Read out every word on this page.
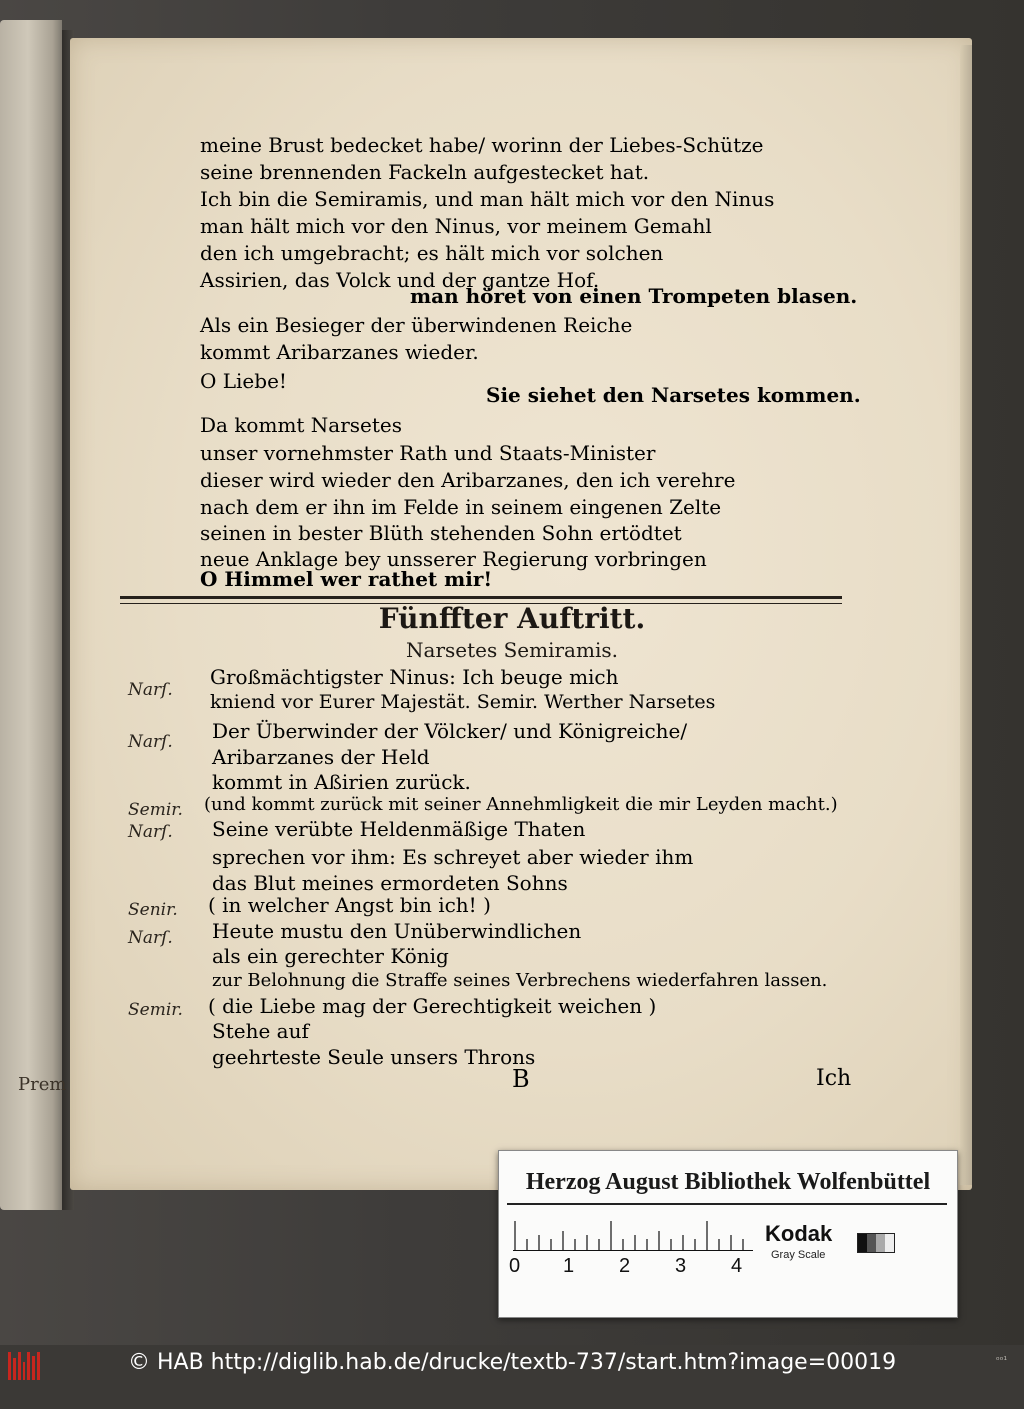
Prem
meine Brust bedecket habe/ worinn der Liebes-Schütze
seine brennenden Fackeln aufgestecket hat.
Ich bin die Semiramis, und man hält mich vor den Ninus
man hält mich vor den Ninus, vor meinem Gemahl
den ich umgebracht; es hält mich vor solchen
Assirien, das Volck und der gantze Hof.
man höret von einen Trompeten blasen.
Als ein Besieger der überwindenen Reiche
kommt Aribarzanes wieder.
O Liebe!
Sie siehet den Narsetes kommen.
Da kommt Narsetes
unser vornehmster Rath und Staats-Minister
dieser wird wieder den Aribarzanes, den ich verehre
nach dem er ihn im Felde in seinem eingenen Zelte
seinen in bester Blüth stehenden Sohn ertödtet
neue Anklage bey unsserer Regierung vorbringen
O Himmel wer rathet mir!
Fünffter Auftritt.
Narsetes Semiramis.
Narſ.
Großmächtigster Ninus: Ich beuge mich
kniend vor Eurer Majestät. Semir. Werther Narsetes
Narſ. Der Überwinder der Völcker/ und Königreiche/
Aribarzanes der Held
kommt in Aßirien zurück.
Semir. (und kommt zurück mit seiner Annehmligkeit die mir Leyden macht.)
Narſ. Seine verübte Heldenmäßige Thaten
sprechen vor ihm: Es schreyet aber wieder ihm
das Blut meines ermordeten Sohns
Senir. ( in welcher Angst bin ich! )
Narſ. Heute mustu den Unüberwindlichen
als ein gerechter König
zur Belohnung die Straffe seines Verbrechens wiederfahren lassen.
Semir. ( die Liebe mag der Gerechtigkeit weichen )
Stehe auf
geehrteste Seule unsers Throns
B	Ich
Herzog August Bibliothek Wolfenbüttel
0 1 2 3 4
Kodak
Gray Scale
© HAB http://diglib.hab.de/drucke/textb-737/start.htm?image=00019	ᵒᵒ¹
